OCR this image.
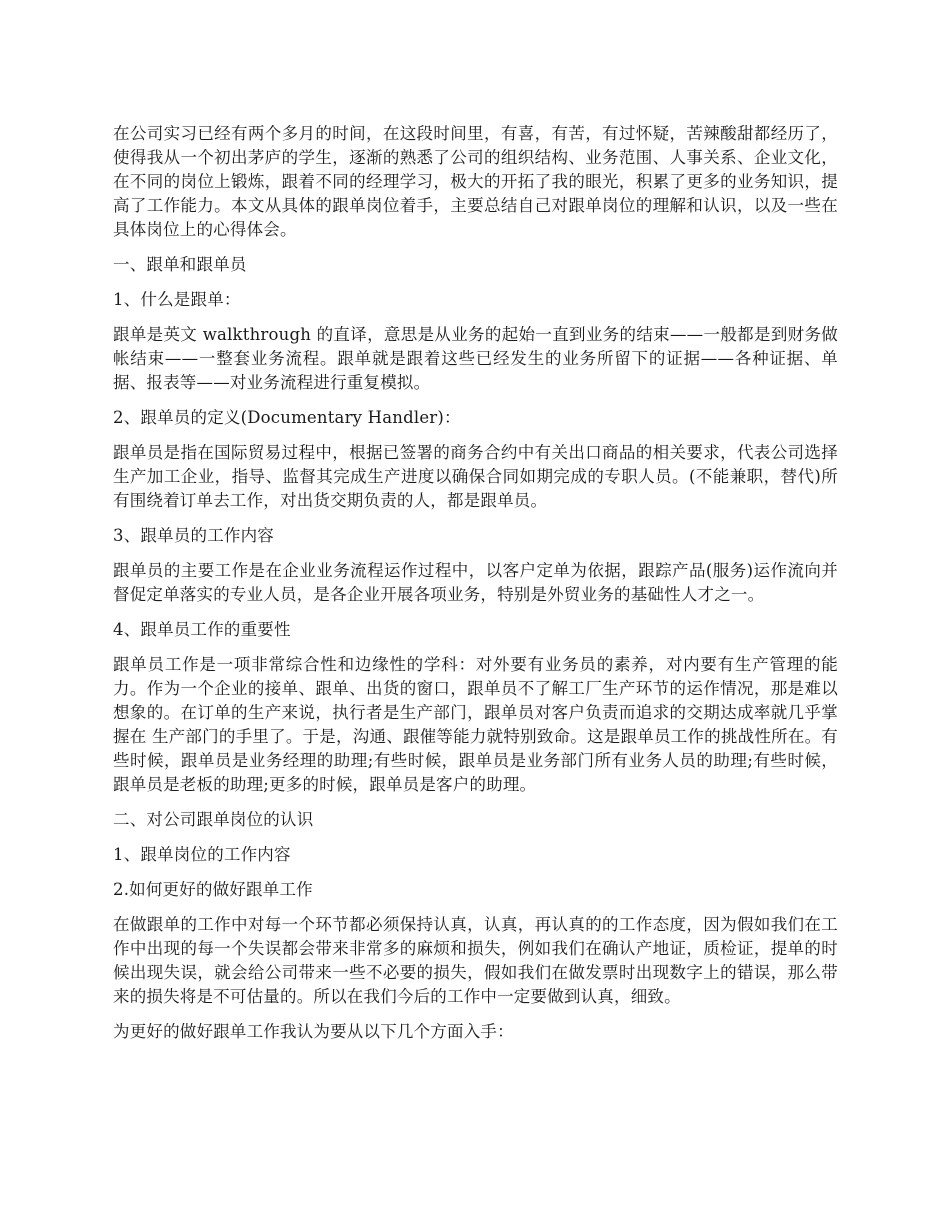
在公司实习已经有两个多月的时间，在这段时间里，有喜，有苦，有过怀疑，苦辣酸甜都经历了，使得我从一个初出茅庐的学生，逐渐的熟悉了公司的组织结构、业务范围、人事关系、企业文化，在不同的岗位上锻炼，跟着不同的经理学习，极大的开拓了我的眼光，积累了更多的业务知识，提高了工作能力。本文从具体的跟单岗位着手，主要总结自己对跟单岗位的理解和认识，以及一些在具体岗位上的心得体会。

一、跟单和跟单员

1、什么是跟单：

跟单是英文 walkthrough 的直译，意思是从业务的起始一直到业务的结束——一般都是到财务做帐结束——一整套业务流程。跟单就是跟着这些已经发生的业务所留下的证据——各种证据、单据、报表等——对业务流程进行重复模拟。

2、跟单员的定义(Documentary Handler)：

跟单员是指在国际贸易过程中，根据已签署的商务合约中有关出口商品的相关要求，代表公司选择生产加工企业，指导、监督其完成生产进度以确保合同如期完成的专职人员。(不能兼职，替代)所有围绕着订单去工作，对出货交期负责的人，都是跟单员。

3、跟单员的工作内容

跟单员的主要工作是在企业业务流程运作过程中，以客户定单为依据，跟踪产品(服务)运作流向并督促定单落实的专业人员，是各企业开展各项业务，特别是外贸业务的基础性人才之一。

4、跟单员工作的重要性

跟单员工作是一项非常综合性和边缘性的学科：对外要有业务员的素养，对内要有生产管理的能力。作为一个企业的接单、跟单、出货的窗口，跟单员不了解工厂生产环节的运作情况，那是难以想象的。在订单的生产来说，执行者是生产部门，跟单员对客户负责而追求的交期达成率就几乎掌握在 生产部门的手里了。于是，沟通、跟催等能力就特别致命。这是跟单员工作的挑战性所在。有些时候，跟单员是业务经理的助理;有些时候，跟单员是业务部门所有业务人员的助理;有些时候，跟单员是老板的助理;更多的时候，跟单员是客户的助理。

二、对公司跟单岗位的认识

1、跟单岗位的工作内容

2.如何更好的做好跟单工作

在做跟单的工作中对每一个环节都必须保持认真，认真，再认真的的工作态度，因为假如我们在工作中出现的每一个失误都会带来非常多的麻烦和损失，例如我们在确认产地证，质检证，提单的时候出现失误，就会给公司带来一些不必要的损失，假如我们在做发票时出现数字上的错误，那么带来的损失将是不可估量的。所以在我们今后的工作中一定要做到认真，细致。

为更好的做好跟单工作我认为要从以下几个方面入手：
